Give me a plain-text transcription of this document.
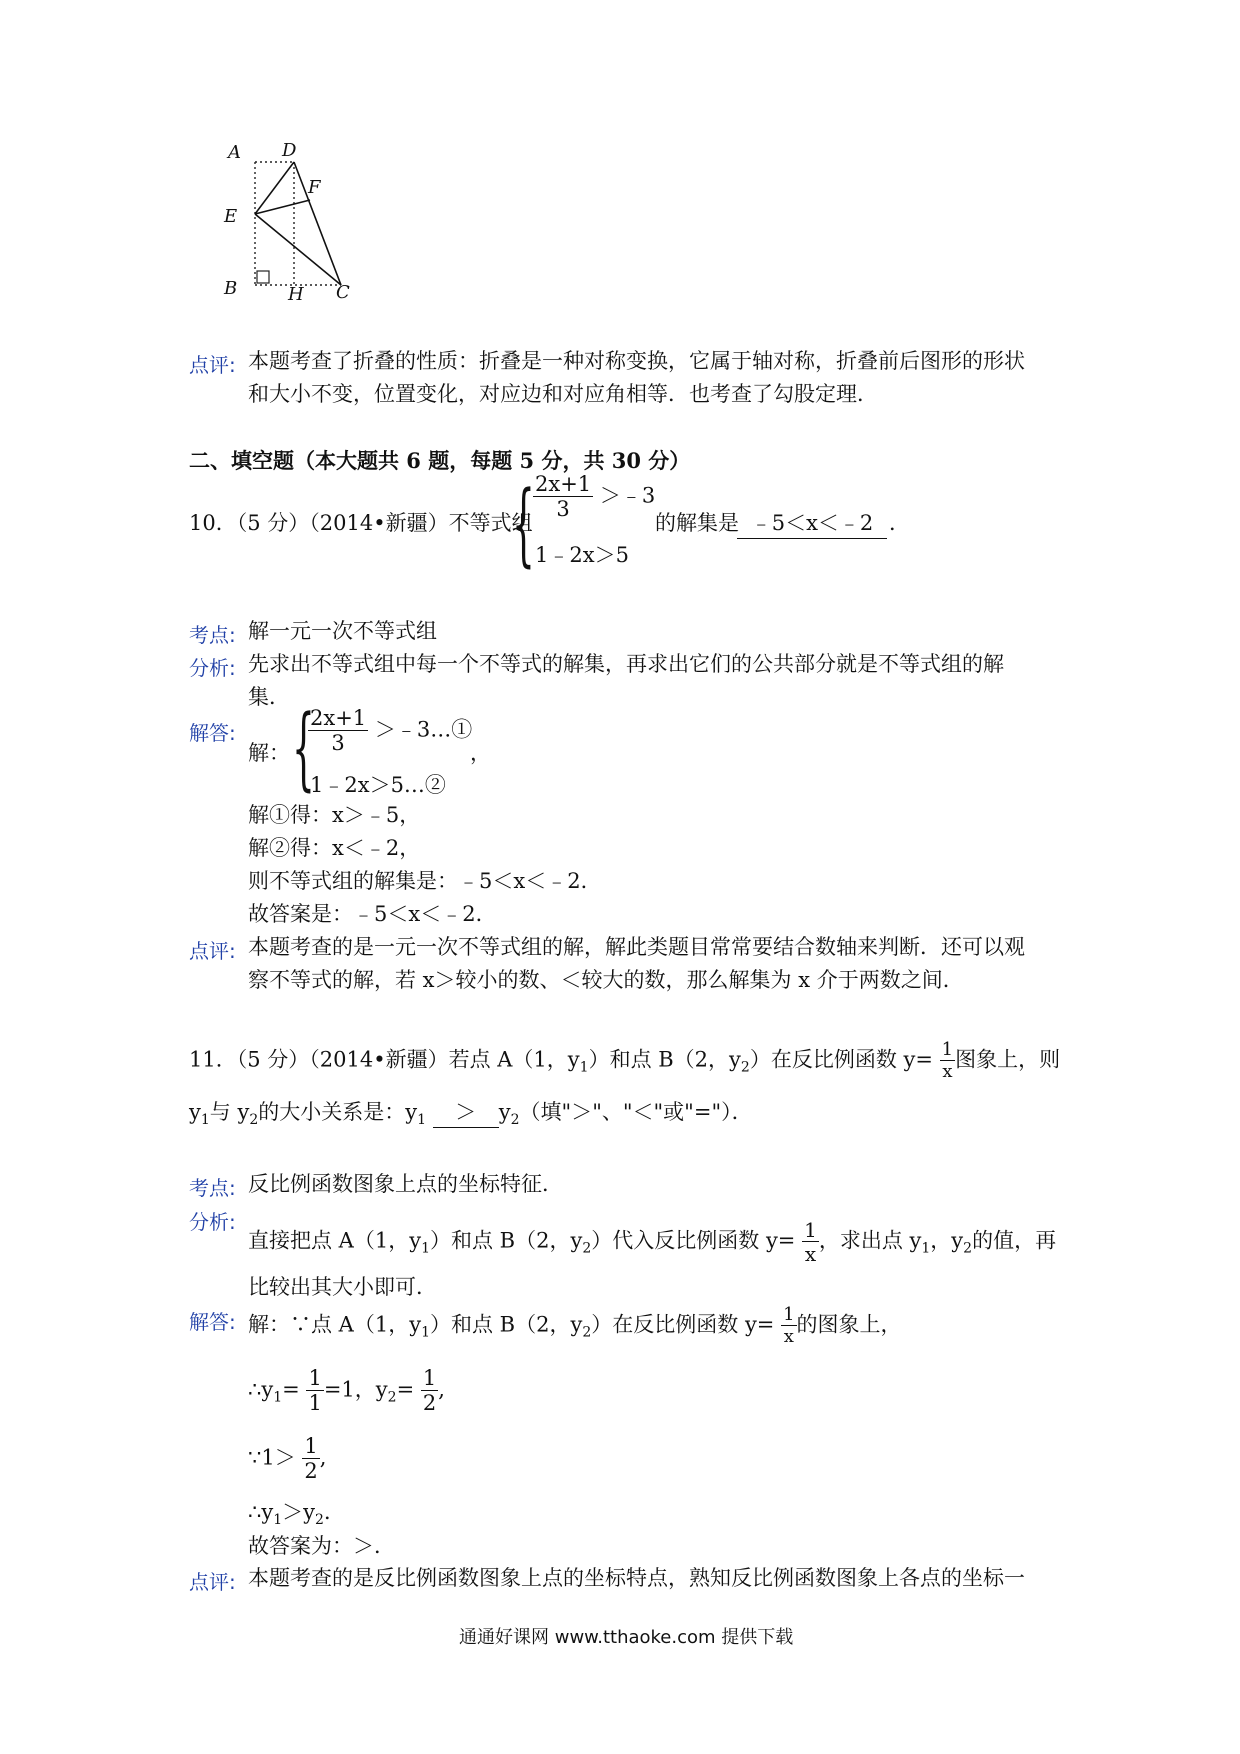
A D
F
E
B	H C
点评: 本题考查了折叠的性质：折叠是一种对称变换，它属于轴对称，折叠前后图形的形状
和大小不变，位置变化，对应边和对应角相等．也考查了勾股定理．
二、填空题（本大题共 6 题，每题 5 分，共 30 分）
10．（5 分）（2014•新疆）不等式组
{
$\frac{2x+1}{3}$ ＞﹣3
1﹣2x＞5
的解集是 ﹣5＜x＜﹣2 ．
考点: 解一元一次不等式组
分析: 先求出不等式组中每一个不等式的解集，再求出它们的公共部分就是不等式组的解
集．
解答:
解： {
$\frac{2x+1}{3}$ ＞﹣3…①
1﹣2x＞5…②
，
解①得：x＞﹣5，
解②得：x＜﹣2，
则不等式组的解集是：﹣5＜x＜﹣2．
故答案是：﹣5＜x＜﹣2．
点评: 本题考查的是一元一次不等式组的解，解此类题目常常要结合数轴来判断．还可以观
察不等式的解，若 x＞较小的数、＜较大的数，那么解集为 x 介于两数之间．
11．（5 分）（2014•新疆）若点 A（1，$y_1$）和点 B（2，$y_2$）在反比例函数 $y= \frac{1}{x}$ 图象上，则
$y_1$与 $y_2$的大小关系是：$y_1 > y_2$（填"＞"、"＜"或"="）．
考点: 反比例函数图象上点的坐标特征．
分析:
直接把点 A（1，$y_1$）和点 B（2，$y_2$）代入反比例函数 $y= \frac{1}{x}$ ，求出点 $y_1$，$y_2$的值，再
比较出其大小即可．
解答: 解：∵点 A（1，$y_1$）和点 B（2，$y_2$）在反比例函数 $y= \frac{1}{x}$ 的图象上，
$\therefore y_1= \frac{1}{1} =1$，$y_2= \frac{1}{2}$ ,
∵1＞ $\frac{1}{2}$ ,
$\therefore y_1>y_2$．
故答案为：＞．
点评: 本题考查的是反比例函数图象上点的坐标特点，熟知反比例函数图象上各点的坐标一
通通好课网 www.tthaoke.com 提供下载
